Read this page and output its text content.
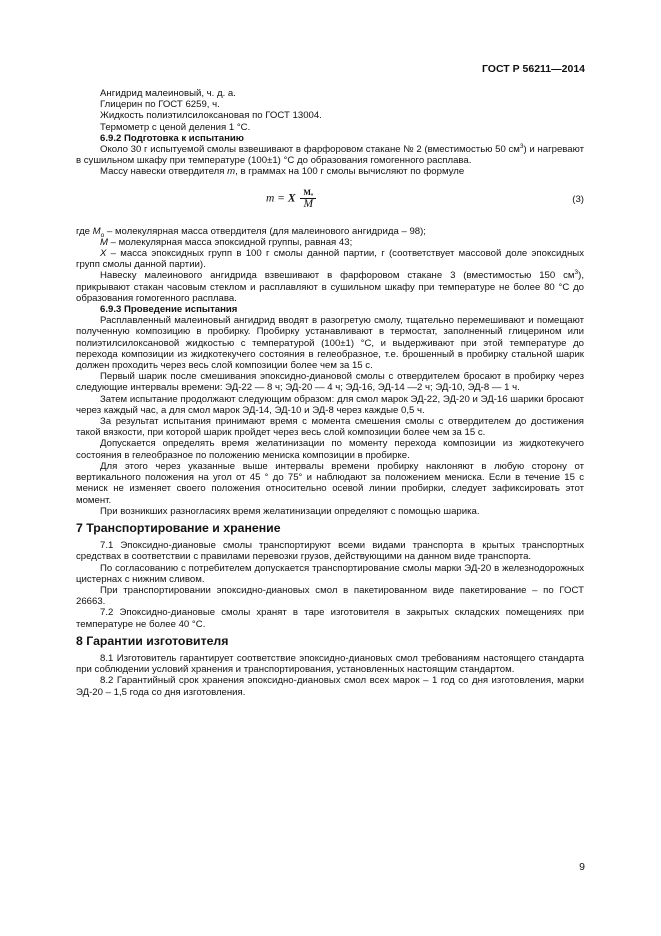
ГОСТ Р 56211—2014

Ангидрид малеиновый, ч. д. а.

Глицерин по ГОСТ 6259, ч.

Жидкость полиэтилсилоксановая по ГОСТ 13004.

Термометр с ценой деления 1 °С.

6.9.2 Подготовка к испытанию

Около 30 г испытуемой смолы взвешивают в фарфоровом стакане № 2 (вместимостью 50 $см^3$) и нагревают в сушильном шкафу при температуре (100±1) °С до образования гомогенного расплава.

Массу навески отвердителя m, в граммах на 100 г смолы вычисляют по формуле

m = X $\frac{\text{Mₒ}}{M}$	(3)

где $M_о$ – молекулярная масса отвердителя (для малеинового ангидрида – 98);

M – молекулярная масса эпоксидной группы, равная 43;

X – масса эпоксидных групп в 100 г смолы данной партии, г (соответствует массовой доле эпоксидных групп смолы данной партии).

Навеску малеинового ангидрида взвешивают в фарфоровом стакане 3 (вместимостью 150 $см^3$), прикрывают стакан часовым стеклом и расплавляют в сушильном шкафу при температуре не более 80 °С до образования гомогенного расплава.

6.9.3 Проведение испытания

Расплавленный малеиновый ангидрид вводят в разогретую смолу, тщательно перемешивают и помещают полученную композицию в пробирку. Пробирку устанавливают в термостат, заполненный глицерином или полиэтилсилоксановой жидкостью с температурой (100±1) °С, и выдерживают при этой температуре до перехода композиции из жидкотекучего состояния в гелеобразное, т.е. брошенный в пробирку стальной шарик должен проходить через весь слой композиции более чем за 15 с.

Первый шарик после смешивания эпоксидно-диановой смолы с отвердителем бросают в пробирку через следующие интервалы времени: ЭД-22 — 8 ч; ЭД-20 — 4 ч; ЭД-16, ЭД-14 —2 ч; ЭД-10, ЭД-8 — 1 ч.

Затем испытание продолжают следующим образом: для смол марок ЭД-22, ЭД-20 и ЭД-16 шарики бросают через каждый час, а для смол марок ЭД-14, ЭД-10 и ЭД-8 через каждые 0,5 ч.

За результат испытания принимают время с момента смешения смолы с отвердителем до достижения такой вязкости, при которой шарик пройдет через весь слой композиции более чем за 15 с.

Допускается определять время желатинизации по моменту перехода композиции из жидкотекучего состояния в гелеобразное по положению мениска композиции в пробирке.

Для этого через указанные выше интервалы времени пробирку наклоняют в любую сторону от вертикального положения на угол от 45 ° до 75° и наблюдают за положением мениска. Если в течение 15 с мениск не изменяет своего положения относительно осевой линии пробирки, следует зафиксировать этот момент.

При возникших разногласиях время желатинизации определяют с помощью шарика.

7 Транспортирование и хранение

7.1 Эпоксидно-диановые смолы транспортируют всеми видами транспорта в крытых транспортных средствах в соответствии с правилами перевозки грузов, действующими на данном виде транспорта.

По согласованию с потребителем допускается транспортирование смолы марки ЭД-20 в железнодорожных цистернах с нижним сливом.

При транспортировании эпоксидно-диановых смол в пакетированном виде пакетирование – по ГОСТ 26663.

7.2 Эпоксидно-диановые смолы хранят в таре изготовителя в закрытых складских помещениях при температуре не более 40 °С.

8 Гарантии изготовителя

8.1 Изготовитель гарантирует соответствие эпоксидно-диановых смол требованиям настоящего стандарта при соблюдении условий хранения и транспортирования, установленных настоящим стандартом.

8.2 Гарантийный срок хранения эпоксидно-диановых смол всех марок – 1 год со дня изготовления, марки ЭД-20 – 1,5 года со дня изготовления.

9
